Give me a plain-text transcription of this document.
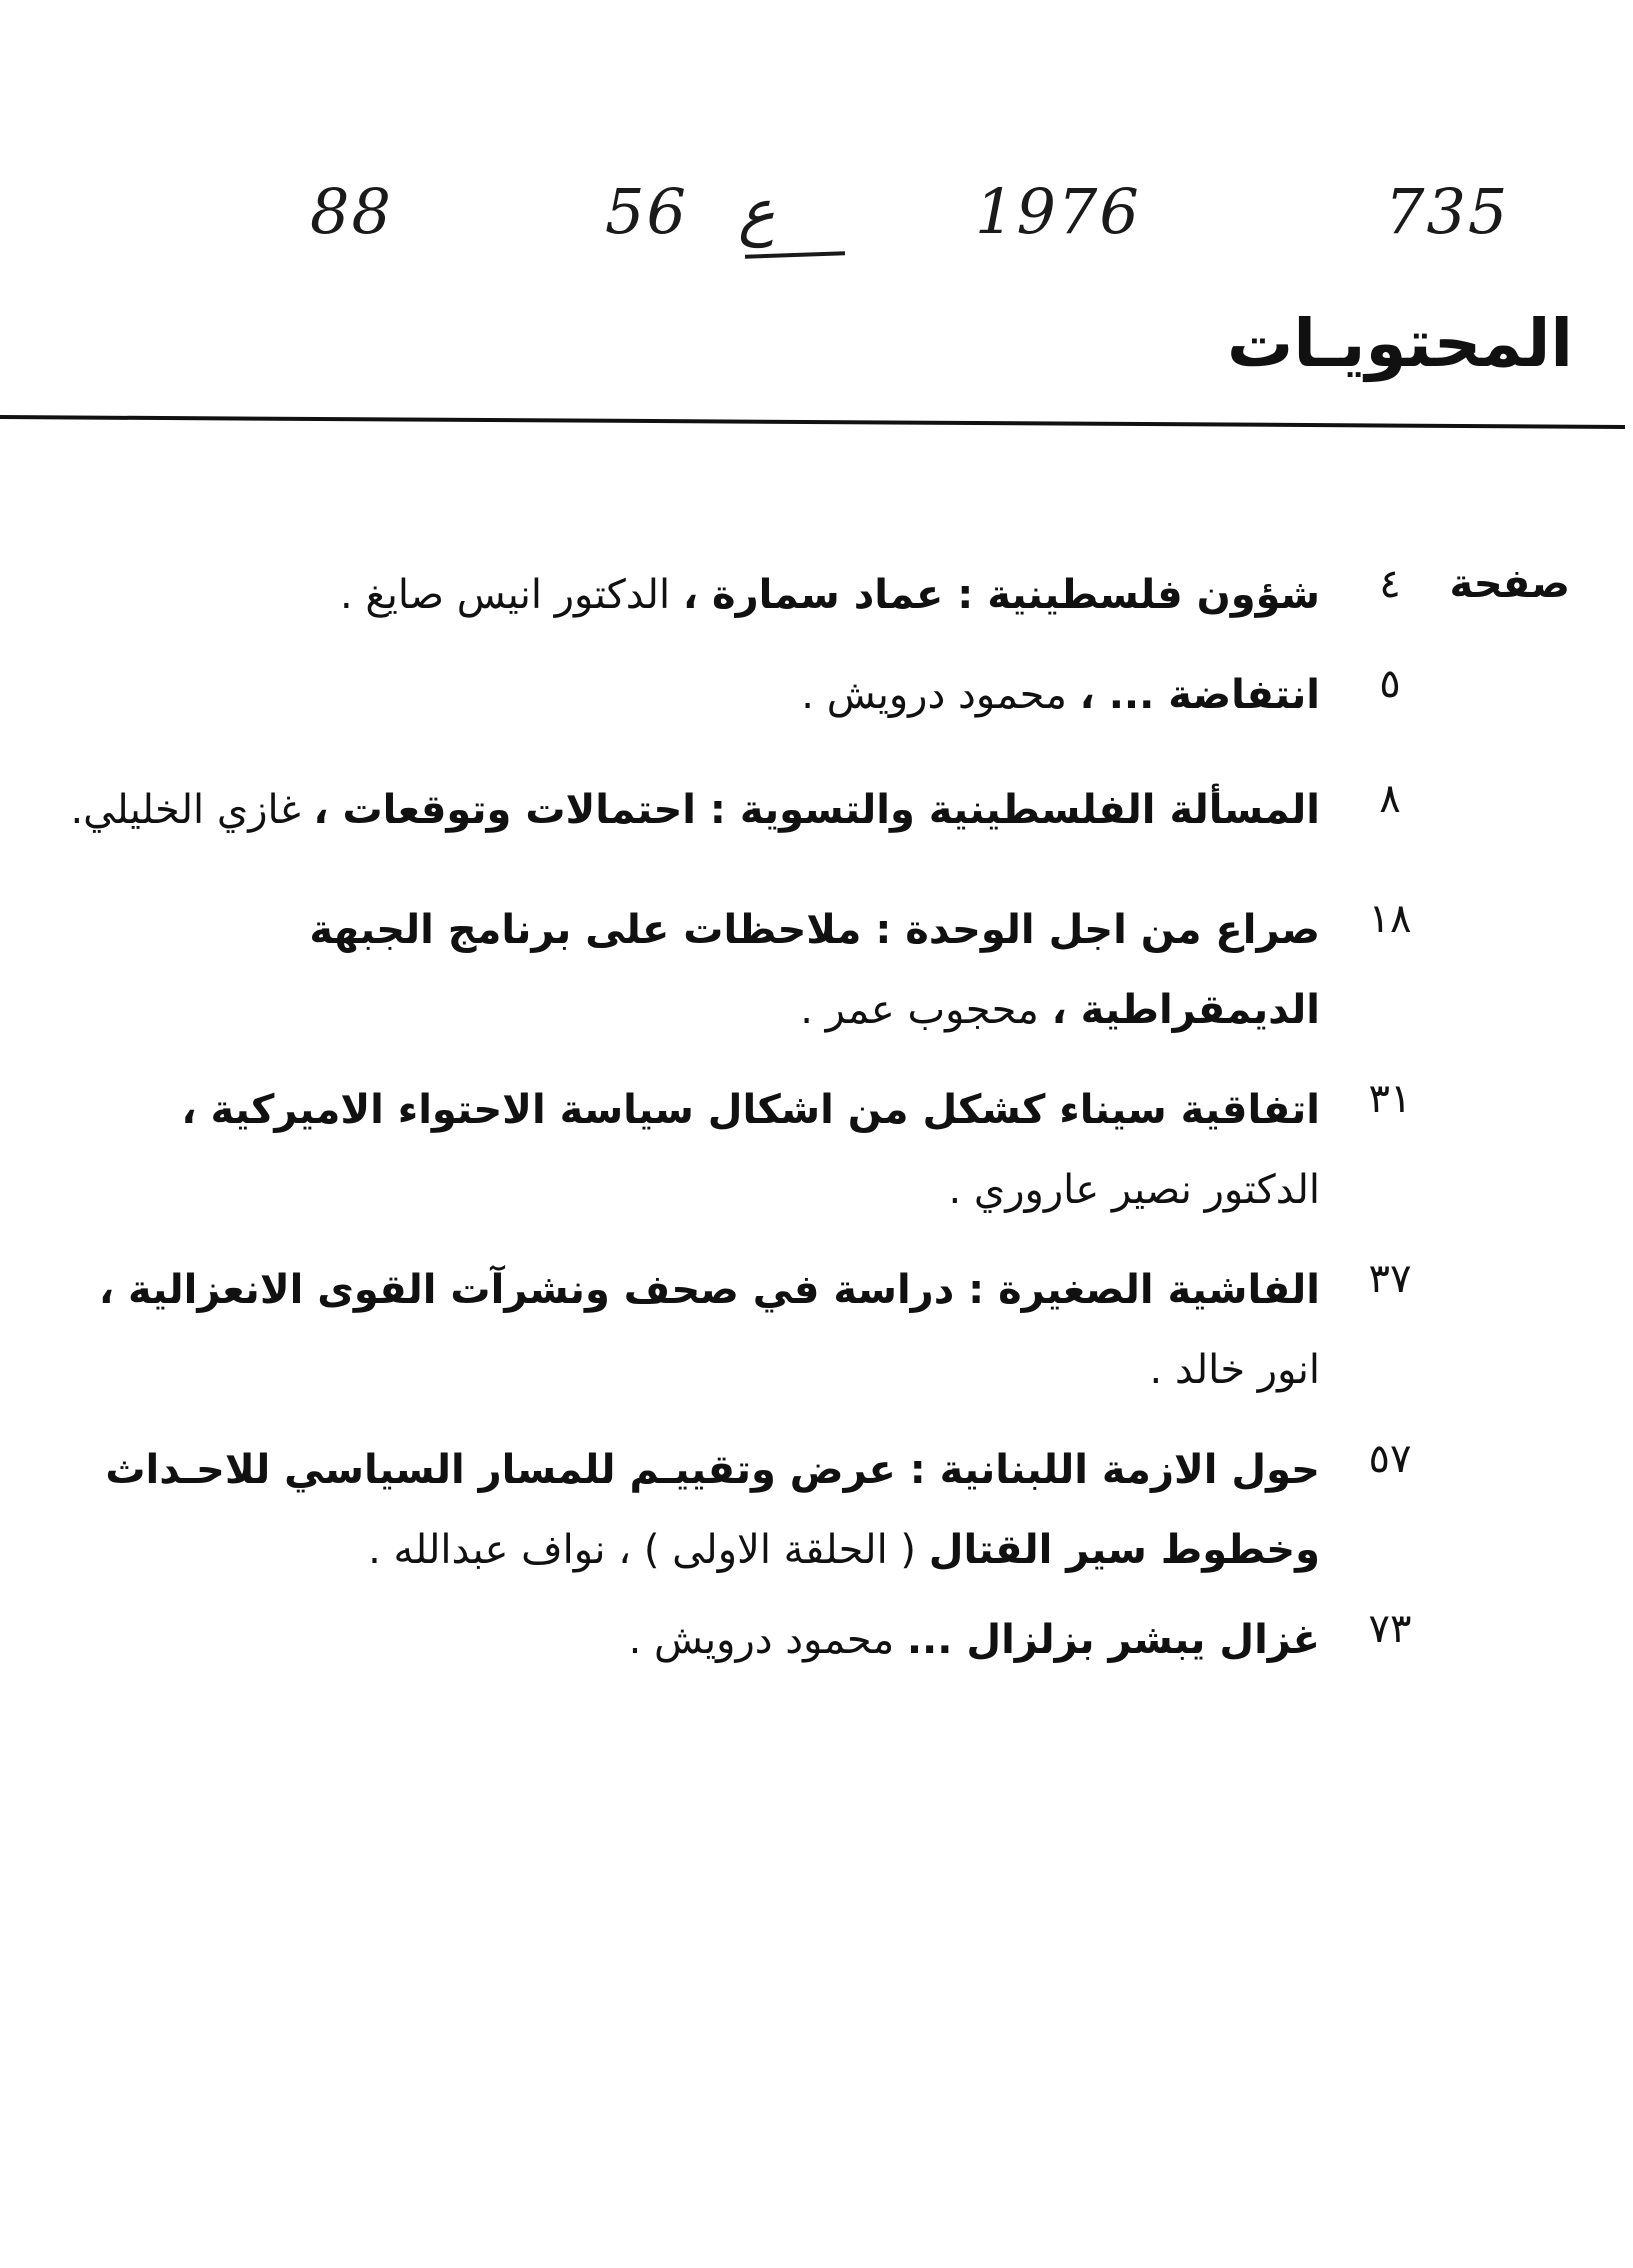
88	56 ع	1976	735
المحتويـات
صفحة
٤
شؤون فلسطينية : عماد سمارة ، الدكتور انيس صايغ .
٥
انتفاضة ... ، محمود درويش .
٨
المسألة الفلسطينية والتسوية : احتمالات وتوقعات ، غازي الخليلي.
١٨
صراع من اجل الوحدة : ملاحظات على برنامج الجبهة الديمقراطية ، محجوب عمر .
٣١
اتفاقية سيناء كشكل من اشكال سياسة الاحتواء الاميركية ، الدكتور نصير عاروري .
٣٧
الفاشية الصغيرة : دراسة في صحف ونشرآت القوى الانعزالية ، انور خالد .
٥٧
حول الازمة اللبنانية : عرض وتقييـم للمسار السياسي للاحـداث وخطوط سير القتال ( الحلقة الاولى ) ، نواف عبدالله .
٧٣
غزال يبشر بزلزال ... محمود درويش .
